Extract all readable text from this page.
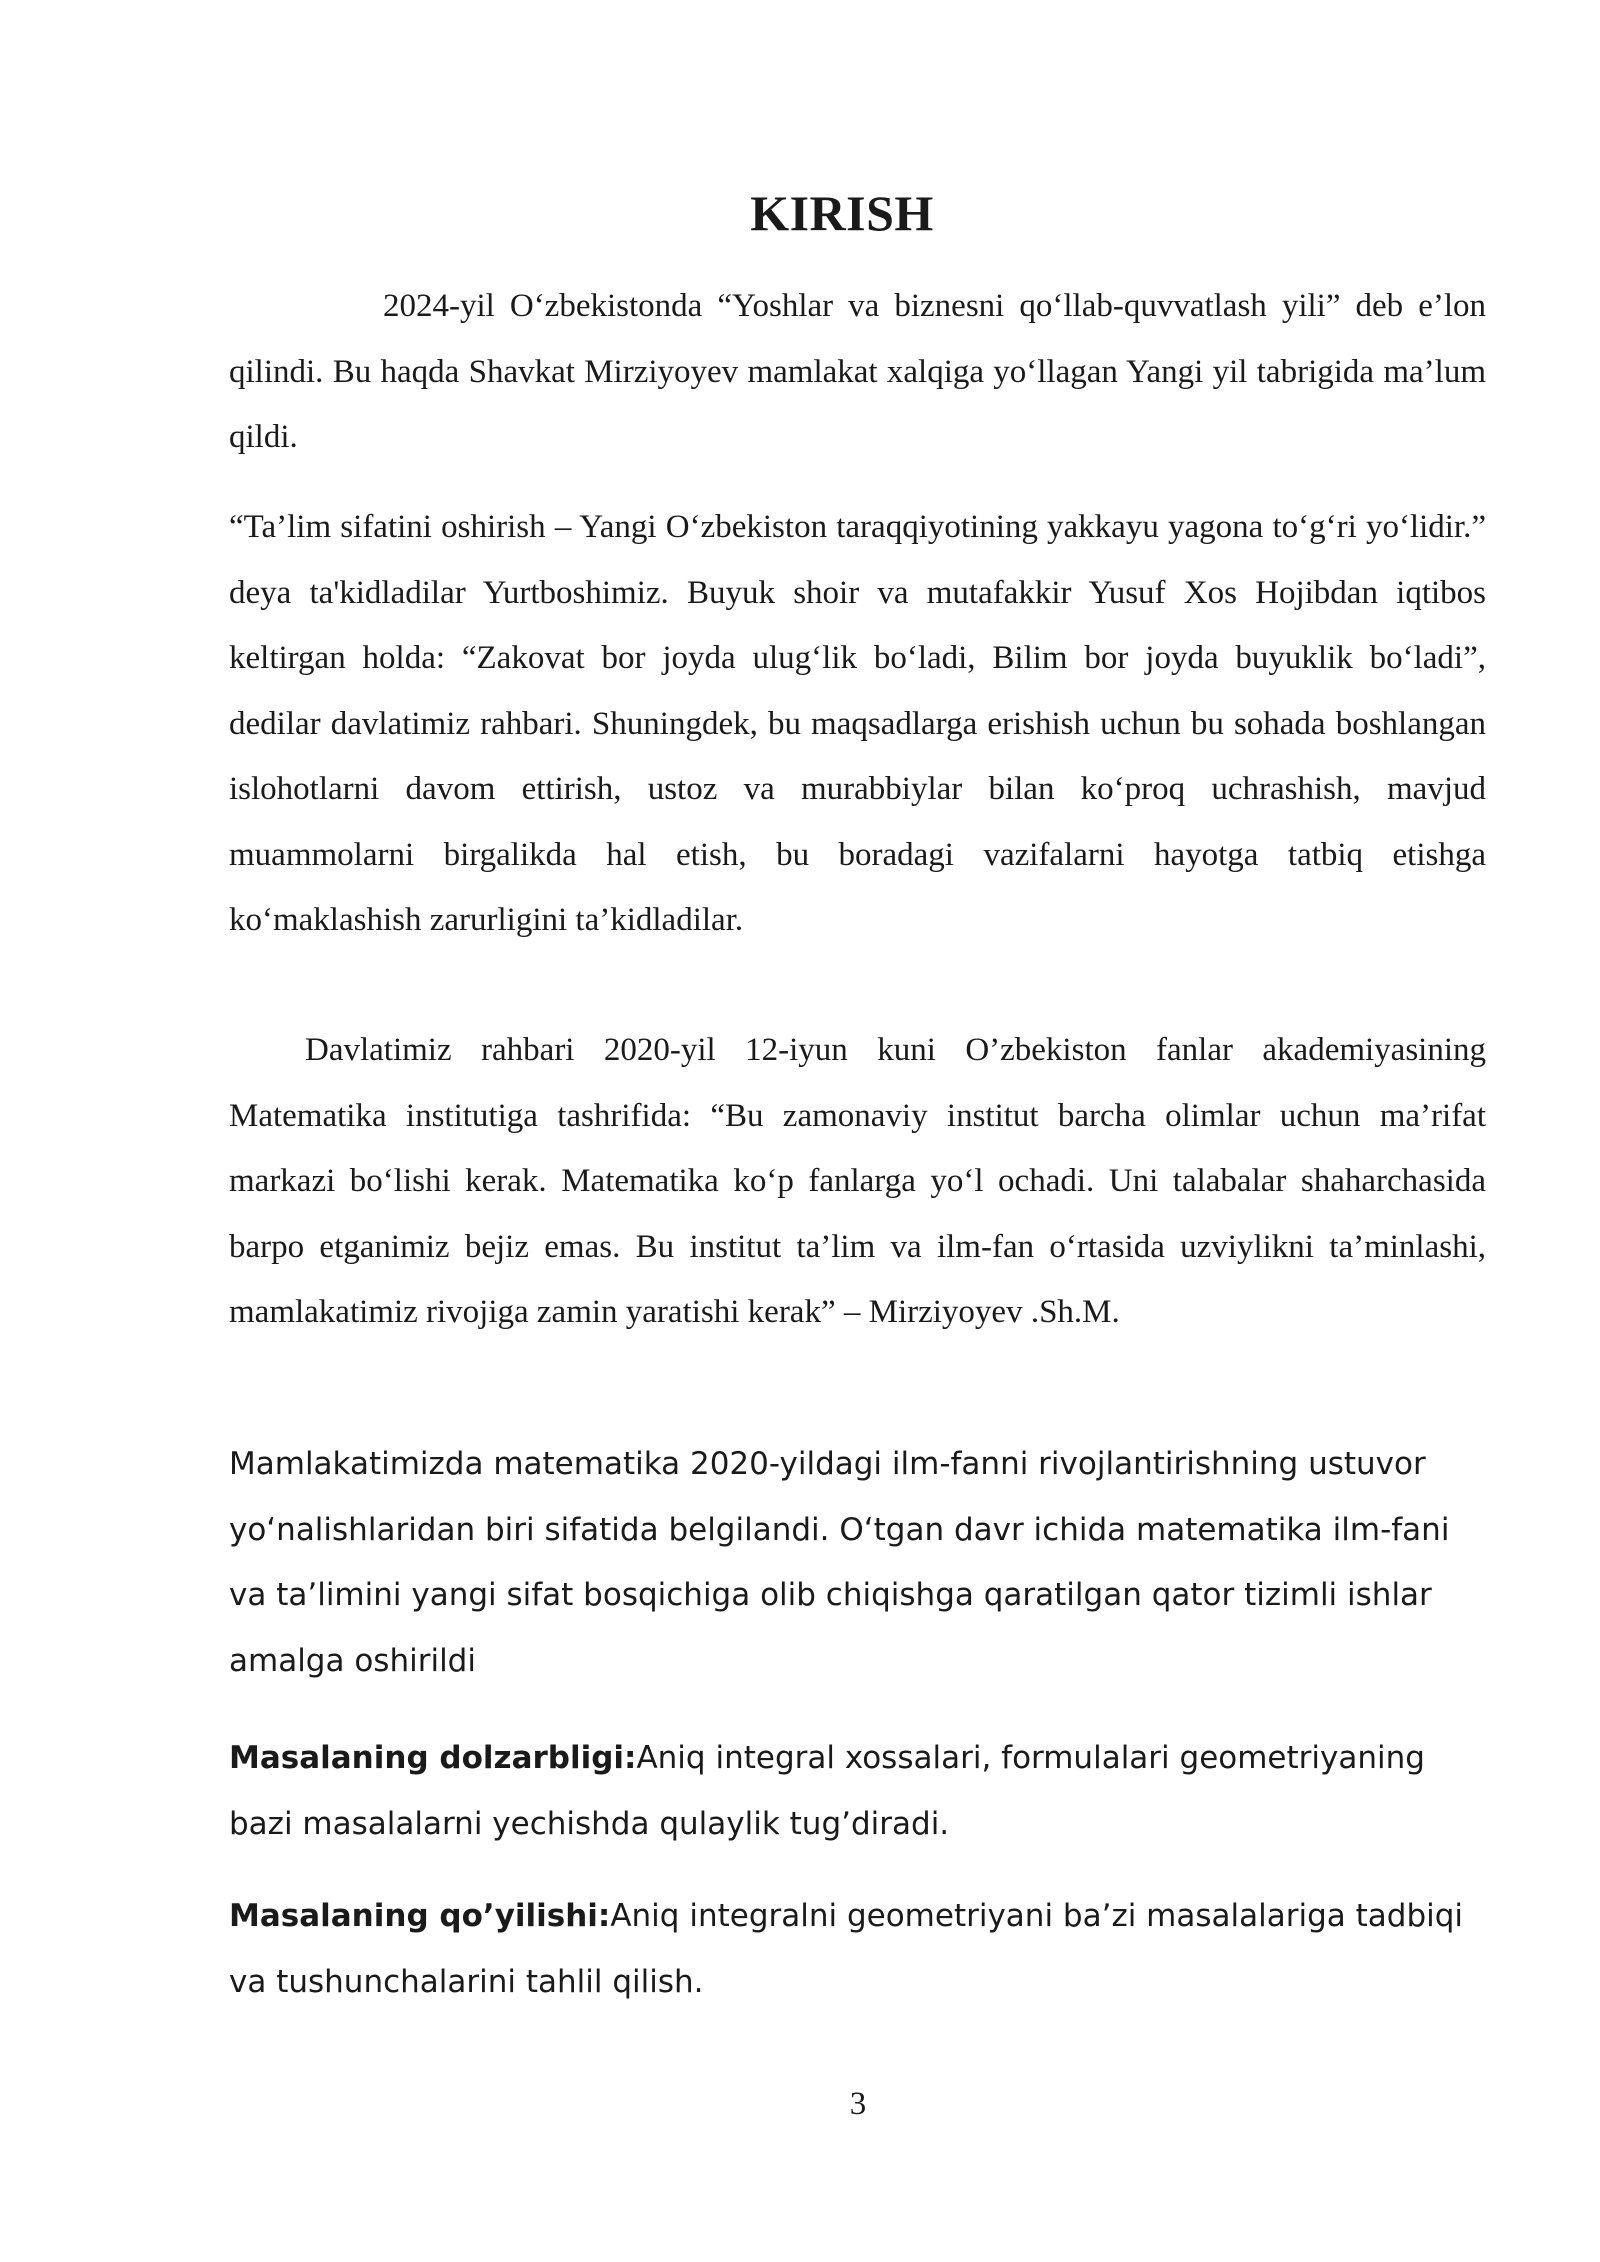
KIRISH

2024-yil O‘zbekistonda “Yoshlar va biznesni qo‘llab-quvvatlash yili” deb e’lon qilindi. Bu haqda Shavkat Mirziyoyev mamlakat xalqiga yo‘llagan Yangi yil tabrigida ma’lum qildi.

“Ta’lim sifatini oshirish – Yangi O‘zbekiston taraqqiyotining yakkayu yagona to‘g‘ri yo‘lidir.” deya ta'kidladilar Yurtboshimiz. Buyuk shoir va mutafakkir Yusuf Xos Hojibdan iqtibos keltirgan holda: “Zakovat bor joyda ulug‘lik bo‘ladi, Bilim bor joyda buyuklik bo‘ladi”, dedilar davlatimiz rahbari. Shuningdek, bu maqsadlarga erishish uchun bu sohada boshlangan islohotlarni davom ettirish, ustoz va murabbiylar bilan ko‘proq uchrashish, mavjud muammolarni birgalikda hal etish, bu boradagi vazifalarni hayotga tatbiq etishga ko‘maklashish zarurligini ta’kidladilar.

Davlatimiz rahbari 2020-yil 12-iyun kuni O’zbekiston fanlar akademiyasining Matematika institutiga tashrifida: “Bu zamonaviy institut barcha olimlar uchun ma’rifat markazi bo‘lishi kerak. Matematika ko‘p fanlarga yo‘l ochadi. Uni talabalar shaharchasida barpo etganimiz bejiz emas. Bu institut ta’lim va ilm-fan o‘rtasida uzviylikni ta’minlashi, mamlakatimiz rivojiga zamin yaratishi kerak” – Mirziyoyev .Sh.M.

Mamlakatimizda matematika 2020-yildagi ilm-fanni rivojlantirishning ustuvor yo‘nalishlaridan biri sifatida belgilandi. O‘tgan davr ichida matematika ilm-fani va ta’limini yangi sifat bosqichiga olib chiqishga qaratilgan qator tizimli ishlar amalga oshirildi

Masalaning dolzarbligi:Aniq integral xossalari, formulalari geometriyaning bazi masalalarni yechishda qulaylik tug’diradi.

Masalaning qo’yilishi:Aniq integralni geometriyani ba’zi masalalariga tadbiqi va tushunchalarini tahlil qilish.

3
